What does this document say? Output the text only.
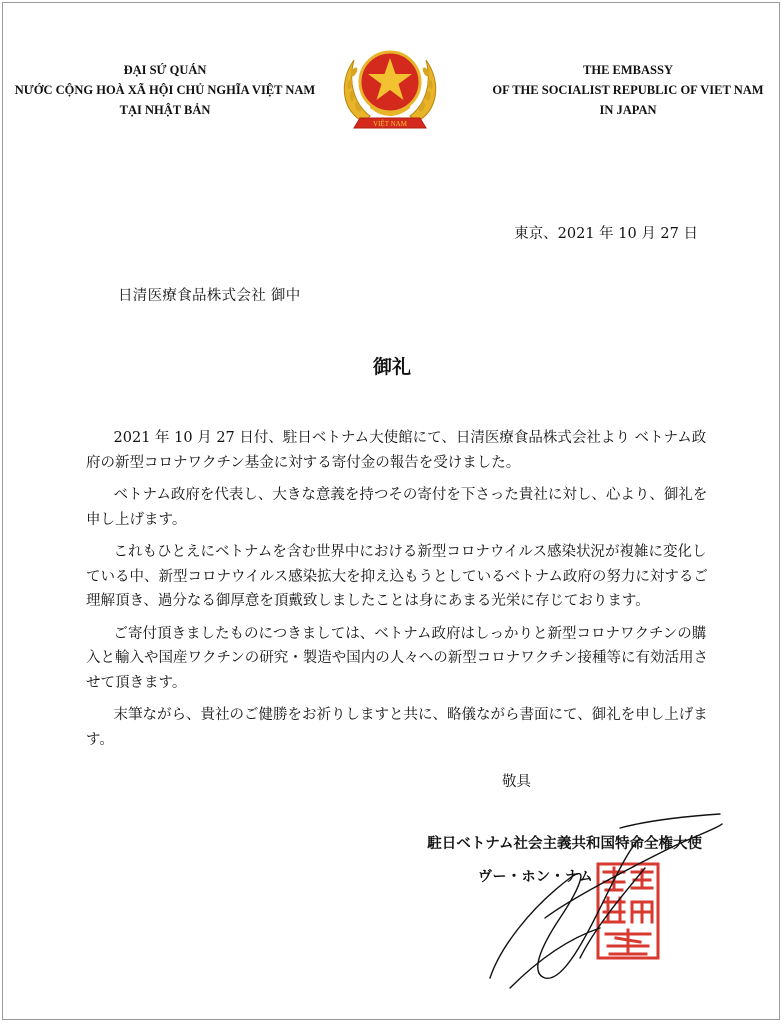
ĐẠI SỨ QUÁN
NƯỚC CỘNG HOÀ XÃ HỘI CHỦ NGHĨA VIỆT NAM
TẠI NHẬT BẢN
VIỆT NAM
THE EMBASSY
OF THE SOCIALIST REPUBLIC OF VIET NAM
IN JAPAN
東京、2021 年 10 月 27 日
日清医療食品株式会社 御中
御礼

2021 年 10 月 27 日付、駐日ベトナム大使館にて、日清医療食品株式会社より ベトナム政府の新型コロナワクチン基金に対する寄付金の報告を受けました。

ベトナム政府を代表し、大きな意義を持つその寄付を下さった貴社に対し、心より、御礼を申し上げます。

これもひとえにベトナムを含む世界中における新型コロナウイルス感染状況が複雑に変化している中、新型コロナウイルス感染拡大を抑え込もうとしているベトナム政府の努力に対するご理解頂き、過分なる御厚意を頂戴致しましたことは身にあまる光栄に存じております。

ご寄付頂きましたものにつきましては、ベトナム政府はしっかりと新型コロナワクチンの購入と輸入や国産ワクチンの研究・製造や国内の人々への新型コロナワクチン接種等に有効活用させて頂きます。

末筆ながら、貴社のご健勝をお祈りしますと共に、略儀ながら書面にて、御礼を申し上げます。

敬具
駐日ベトナム社会主義共和国特命全権大使
ヴー・ホン・ナム
